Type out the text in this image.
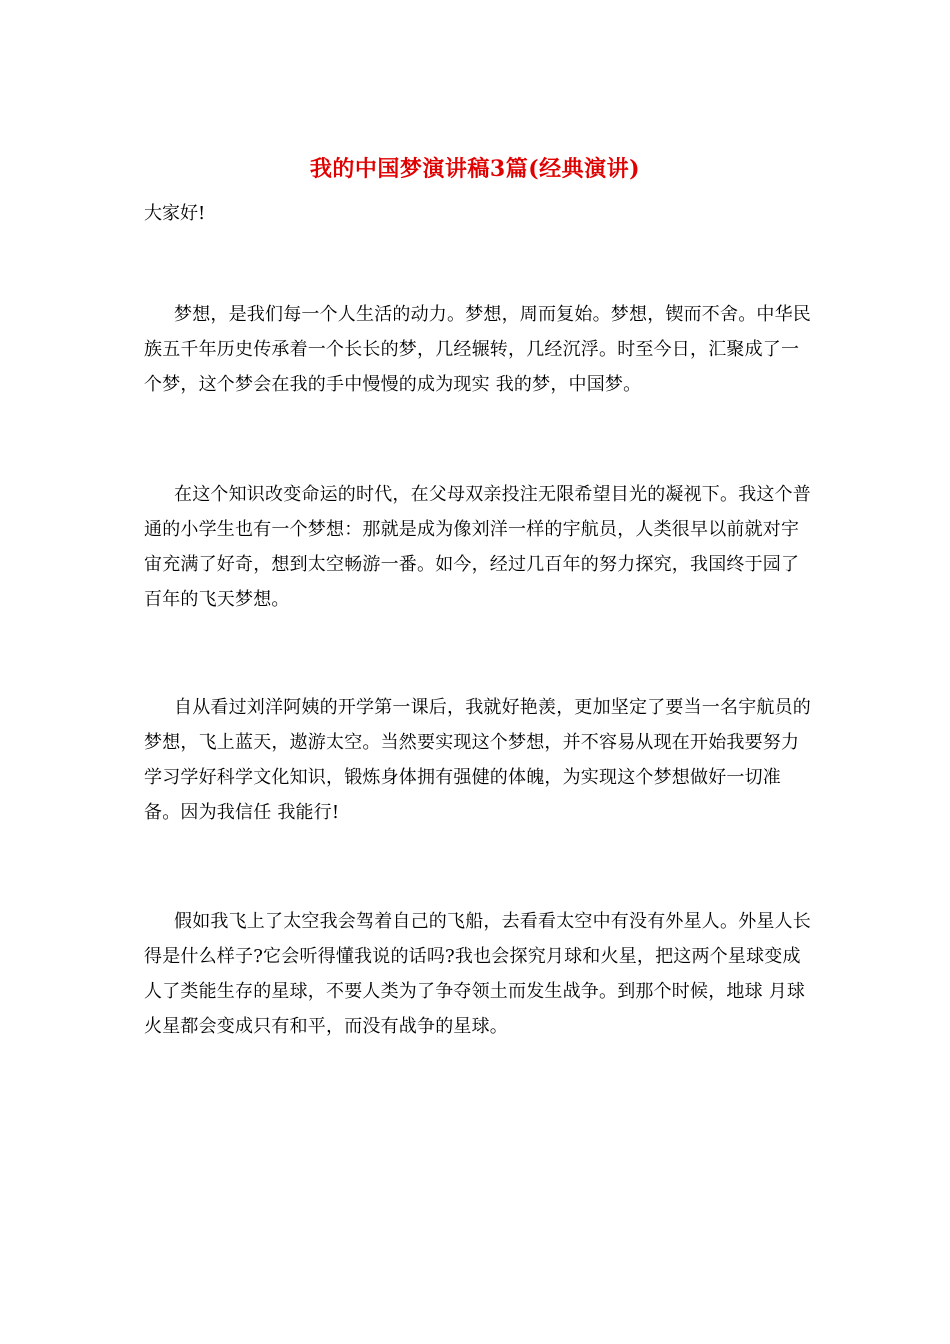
我的中国梦演讲稿3篇(经典演讲)

大家好!

梦想，是我们每一个人生活的动力。梦想，周而复始。梦想，锲而不舍。中华民族五千年历史传承着一个长长的梦，几经辗转，几经沉浮。时至今日，汇聚成了一个梦，这个梦会在我的手中慢慢的成为现实 我的梦，中国梦。

在这个知识改变命运的时代，在父母双亲投注无限希望目光的凝视下。我这个普通的小学生也有一个梦想：那就是成为像刘洋一样的宇航员，人类很早以前就对宇宙充满了好奇，想到太空畅游一番。如今，经过几百年的努力探究，我国终于园了百年的飞天梦想。

自从看过刘洋阿姨的开学第一课后，我就好艳羡，更加坚定了要当一名宇航员的梦想，飞上蓝天，遨游太空。当然要实现这个梦想，并不容易从现在开始我要努力学习学好科学文化知识，锻炼身体拥有强健的体魄，为实现这个梦想做好一切准备。因为我信任 我能行!

假如我飞上了太空我会驾着自己的飞船，去看看太空中有没有外星人。外星人长得是什么样子?它会听得懂我说的话吗?我也会探究月球和火星，把这两个星球变成人了类能生存的星球，不要人类为了争夺领土而发生战争。到那个时候，地球 月球 火星都会变成只有和平，而没有战争的星球。
